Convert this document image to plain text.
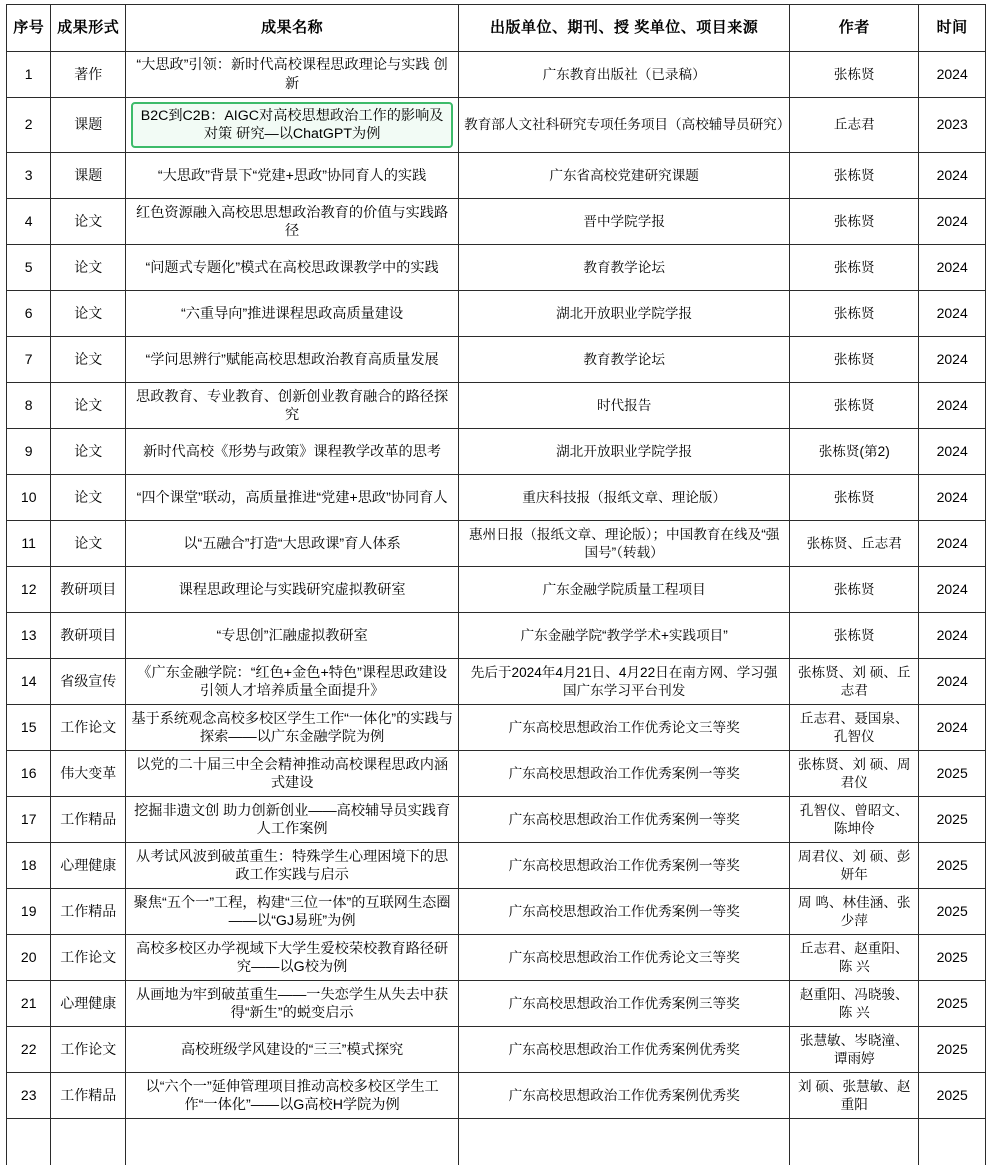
序号	成果形式	成果名称	出版单位、期刊、授 奖单位、项目来源	作者	时间
1	著作	“大思政”引领：新时代高校课程思政理论与实践 创新	广东教育出版社（已录稿）	张栋贤	2024
2	课题	B2C到C2B：AIGC对高校思想政治工作的影响及对策 研究—以ChatGPT为例	教育部人文社科研究专项任务项目（高校辅导员研究）	丘志君	2023
3	课题	“大思政”背景下“党建+思政”协同育人的实践	广东省高校党建研究课题	张栋贤	2024
4	论文	红色资源融入高校思思想政治教育的价值与实践路径	晋中学院学报	张栋贤	2024
5	论文	“问题式专题化”模式在高校思政课教学中的实践	教育教学论坛	张栋贤	2024
6	论文	“六重导向”推进课程思政高质量建设	湖北开放职业学院学报	张栋贤	2024
7	论文	“学问思辨行”赋能高校思想政治教育高质量发展	教育教学论坛	张栋贤	2024
8	论文	思政教育、专业教育、创新创业教育融合的路径探究	时代报告	张栋贤	2024
9	论文	新时代高校《形势与政策》课程教学改革的思考	湖北开放职业学院学报	张栋贤(第2)	2024
10	论文	“四个课堂”联动，高质量推进“党建+思政”协同育人	重庆科技报（报纸文章、理论版）	张栋贤	2024
11	论文	以“五融合”打造“大思政课”育人体系	惠州日报（报纸文章、理论版）；中国教育在线及“强国号”（转载）	张栋贤、丘志君	2024
12	教研项目	课程思政理论与实践研究虚拟教研室	广东金融学院质量工程项目	张栋贤	2024
13	教研项目	“专思创”汇融虚拟教研室	广东金融学院“教学学术+实践项目”	张栋贤	2024
14	省级宣传	《广东金融学院：“红色+金色+特色”课程思政建设引领人才培养质量全面提升》	先后于2024年4月21日、4月22日在南方网、学习强国广东学习平台刊发	张栋贤、刘 硕、丘志君	2024
15	工作论文	基于系统观念高校多校区学生工作“一体化”的实践与探索——以广东金融学院为例	广东高校思想政治工作优秀论文三等奖	丘志君、聂国泉、孔智仪	2024
16	伟大变革	以党的二十届三中全会精神推动高校课程思政内涵式建设	广东高校思想政治工作优秀案例一等奖	张栋贤、刘 硕、周君仪	2025
17	工作精品	挖掘非遗文创 助力创新创业——高校辅导员实践育人工作案例	广东高校思想政治工作优秀案例一等奖	孔智仪、曾昭文、陈坤伶	2025
18	心理健康	从考试风波到破茧重生：特殊学生心理困境下的思政工作实践与启示	广东高校思想政治工作优秀案例一等奖	周君仪、刘 硕、彭妍年	2025
19	工作精品	聚焦“五个一”工程，构建“三位一体”的互联网生态圈——以“GJ易班”为例	广东高校思想政治工作优秀案例一等奖	周 鸣、林佳涵、张少萍	2025
20	工作论文	高校多校区办学视域下大学生爱校荣校教育路径研究——以G校为例	广东高校思想政治工作优秀论文三等奖	丘志君、赵重阳、陈 兴	2025
21	心理健康	从画地为牢到破茧重生——一失恋学生从失去中获得“新生”的蜕变启示	广东高校思想政治工作优秀案例三等奖	赵重阳、冯晓骏、陈 兴	2025
22	工作论文	高校班级学风建设的“三三”模式探究	广东高校思想政治工作优秀案例优秀奖	张慧敏、岑晓潼、谭雨婷	2025
23	工作精品	以“六个一”延伸管理项目推动高校多校区学生工作“一体化”——以G高校H学院为例	广东高校思想政治工作优秀案例优秀奖	刘 硕、张慧敏、赵重阳	2025
